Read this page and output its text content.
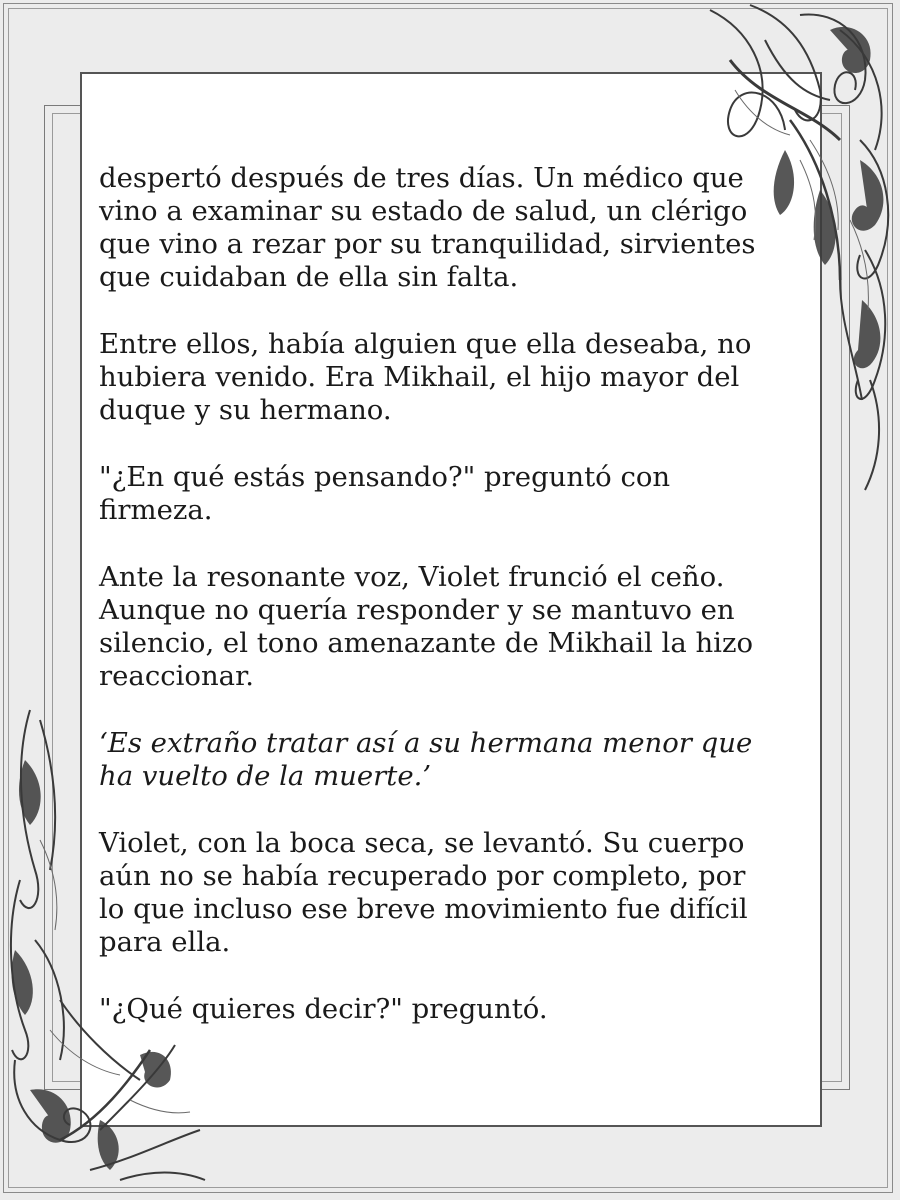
despertó después de tres días. Un médico que
vino a examinar su estado de salud, un clérigo
que vino a rezar por su tranquilidad, sirvientes
que cuidaban de ella sin falta.

Entre ellos, había alguien que ella deseaba, no
hubiera venido. Era Mikhail, el hijo mayor del
duque y su hermano.

"¿En qué estás pensando?" preguntó con
firmeza.

Ante la resonante voz, Violet frunció el ceño.
Aunque no quería responder y se mantuvo en
silencio, el tono amenazante de Mikhail la hizo
reaccionar.

‘Es extraño tratar así a su hermana menor que
ha vuelto de la muerte.’

Violet, con la boca seca, se levantó. Su cuerpo
aún no se había recuperado por completo, por
lo que incluso ese breve movimiento fue difícil
para ella.

"¿Qué quieres decir?" preguntó.
